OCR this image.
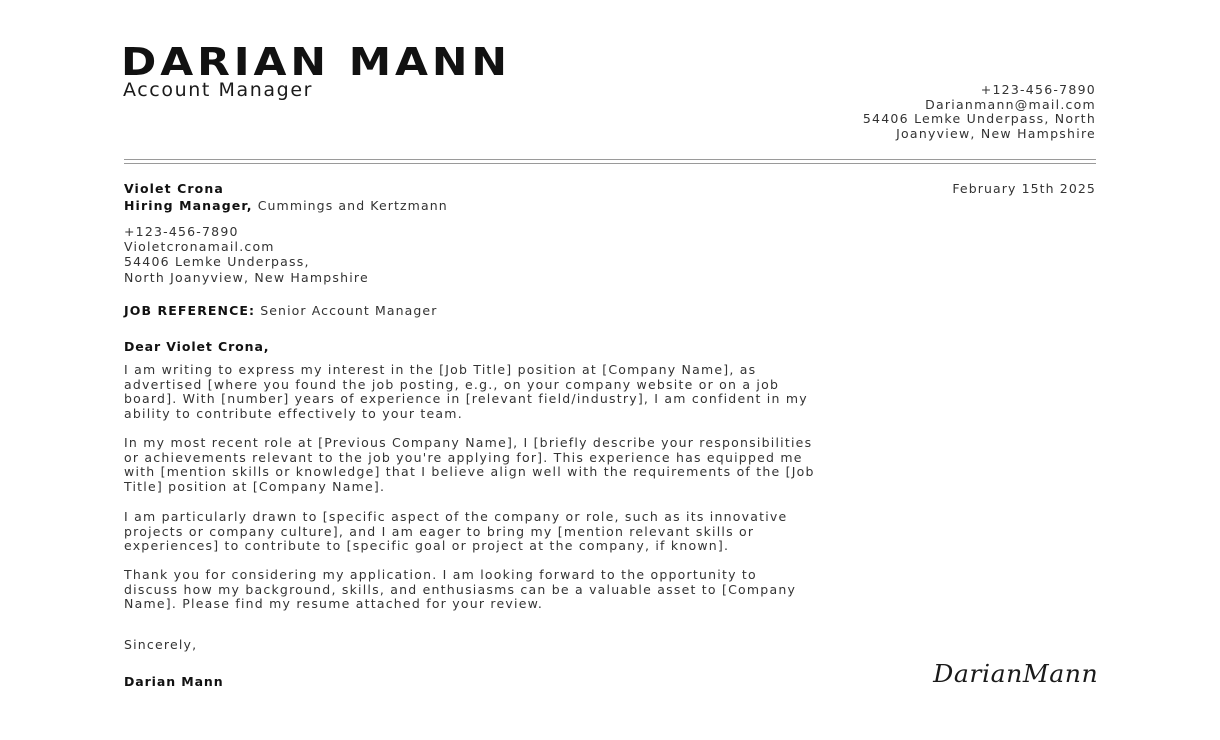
DARIAN MANN
Account Manager	+123-456-7890
Darianmann@mail.com
54406 Lemke Underpass, North
Joanyview, New Hampshire
Violet Crona
Hiring Manager, Cummings and Kertzmann
February 15th 2025
+123-456-7890
Violetcronamail.com
54406 Lemke Underpass,
North Joanyview, New Hampshire
JOB REFERENCE: Senior Account Manager
Dear Violet Crona,
I am writing to express my interest in the [Job Title] position at [Company Name], as
advertised [where you found the job posting, e.g., on your company website or on a job
board]. With [number] years of experience in [relevant field/industry], I am confident in my
ability to contribute effectively to your team.
In my most recent role at [Previous Company Name], I [briefly describe your responsibilities
or achievements relevant to the job you're applying for]. This experience has equipped me
with [mention skills or knowledge] that I believe align well with the requirements of the [Job
Title] position at [Company Name].
I am particularly drawn to [specific aspect of the company or role, such as its innovative
projects or company culture], and I am eager to bring my [mention relevant skills or
experiences] to contribute to [specific goal or project at the company, if known].
Thank you for considering my application. I am looking forward to the opportunity to
discuss how my background, skills, and enthusiasms can be a valuable asset to [Company
Name]. Please find my resume attached for your review.
Sincerely,
Darian Mann	DarianMann
